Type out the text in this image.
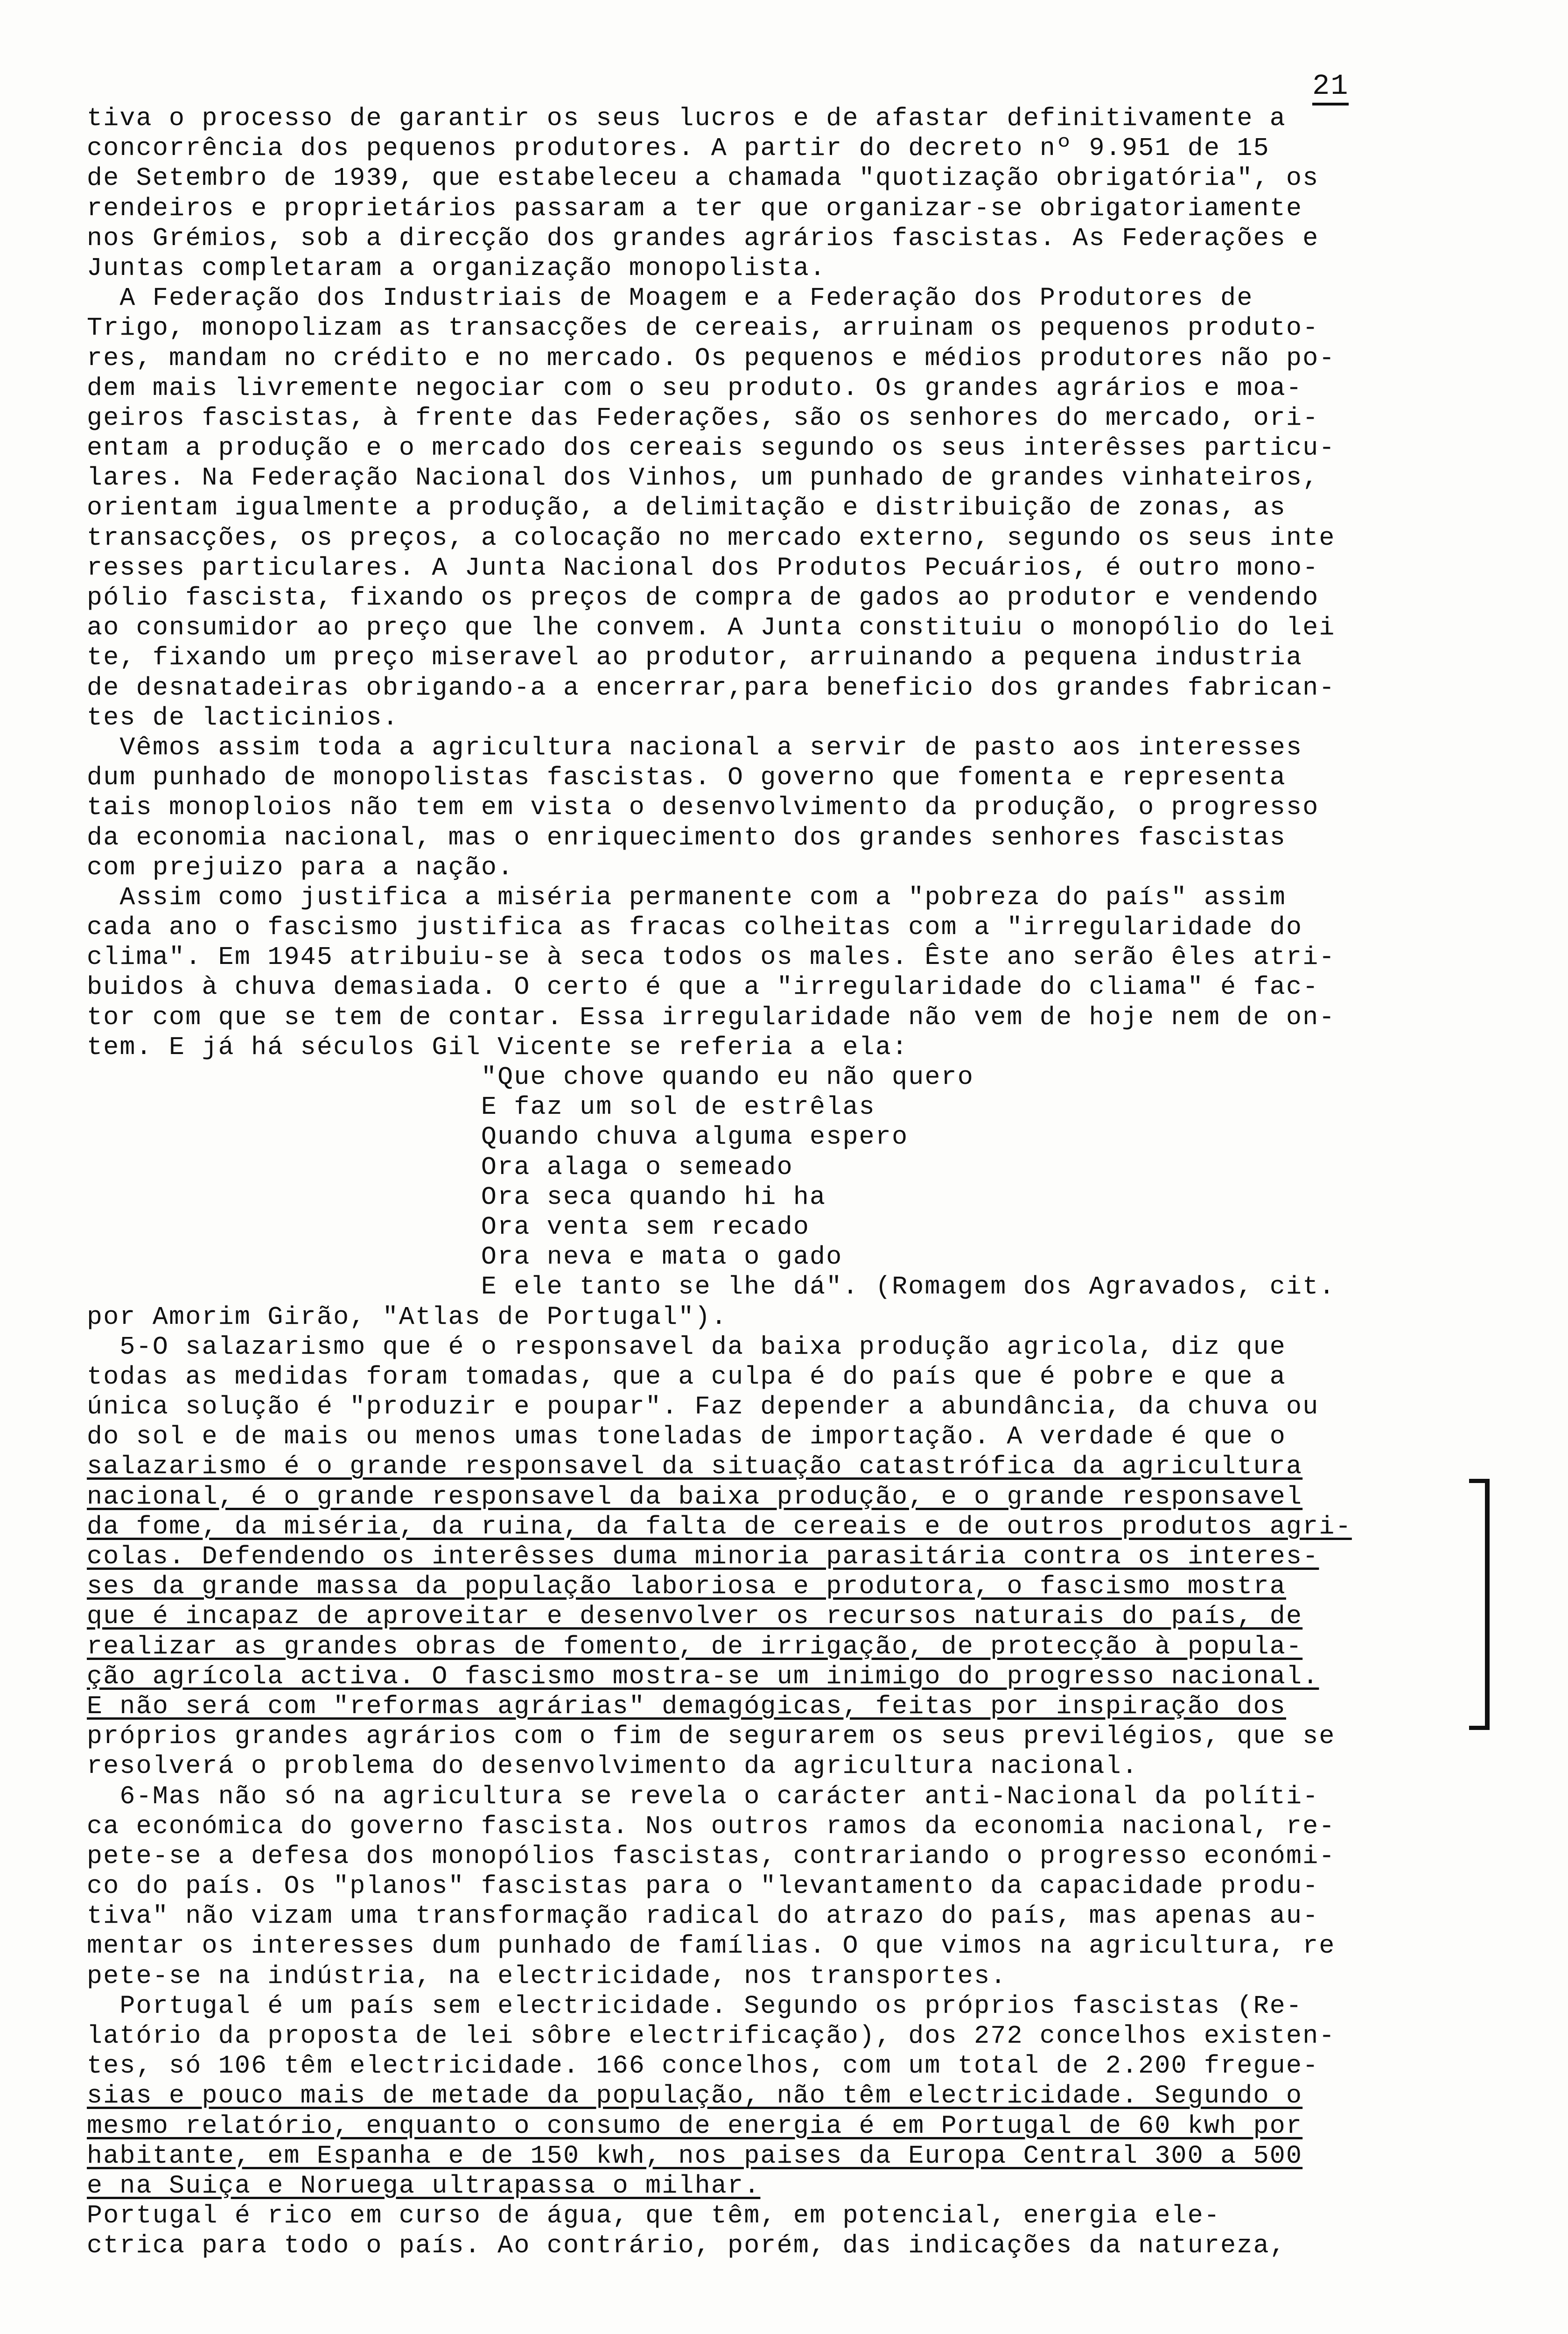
21
tiva o processo de garantir os seus lucros e de afastar definitivamente a
concorrência dos pequenos produtores. A partir do decreto nº 9.951 de 15
de Setembro de 1939, que estabeleceu a chamada "quotização obrigatória", os
rendeiros e proprietários passaram a ter que organizar-se obrigatoriamente
nos Grémios, sob a direcção dos grandes agrários fascistas. As Federações e
Juntas completaram a organização monopolista.
A Federação dos Industriais de Moagem e a Federação dos Produtores de
Trigo, monopolizam as transacções de cereais, arruinam os pequenos produto-
res, mandam no crédito e no mercado. Os pequenos e médios produtores não po-
dem mais livremente negociar com o seu produto. Os grandes agrários e moa-
geiros fascistas, à frente das Federações, são os senhores do mercado, ori-
entam a produção e o mercado dos cereais segundo os seus interêsses particu-
lares. Na Federação Nacional dos Vinhos, um punhado de grandes vinhateiros,
orientam igualmente a produção, a delimitação e distribuição de zonas, as
transacções, os preços, a colocação no mercado externo, segundo os seus inte
resses particulares. A Junta Nacional dos Produtos Pecuários, é outro mono-
pólio fascista, fixando os preços de compra de gados ao produtor e vendendo
ao consumidor ao preço que lhe convem. A Junta constituiu o monopólio do lei
te, fixando um preço miseravel ao produtor, arruinando a pequena industria
de desnatadeiras obrigando-a a encerrar,para beneficio dos grandes fabrican-
tes de lacticinios.
Vêmos assim toda a agricultura nacional a servir de pasto aos interesses
dum punhado de monopolistas fascistas. O governo que fomenta e representa
tais monoploios não tem em vista o desenvolvimento da produção, o progresso
da economia nacional, mas o enriquecimento dos grandes senhores fascistas
com prejuizo para a nação.
Assim como justifica a miséria permanente com a "pobreza do país" assim
cada ano o fascismo justifica as fracas colheitas com a "irregularidade do
clima". Em 1945 atribuiu-se à seca todos os males. Êste ano serão êles atri-
buidos à chuva demasiada. O certo é que a "irregularidade do cliama" é fac-
tor com que se tem de contar. Essa irregularidade não vem de hoje nem de on-
tem. E já há séculos Gil Vicente se referia a ela:
"Que chove quando eu não quero
E faz um sol de estrêlas
Quando chuva alguma espero
Ora alaga o semeado
Ora seca quando hi ha
Ora venta sem recado
Ora neva e mata o gado
E ele tanto se lhe dá". (Romagem dos Agravados, cit.
por Amorim Girão, "Atlas de Portugal").
5-O salazarismo que é o responsavel da baixa produção agricola, diz que
todas as medidas foram tomadas, que a culpa é do país que é pobre e que a
única solução é "produzir e poupar". Faz depender a abundância, da chuva ou
do sol e de mais ou menos umas toneladas de importação. A verdade é que o
salazarismo é o grande responsavel da situação catastrófica da agricultura
nacional, é o grande responsavel da baixa produção, e o grande responsavel
da fome, da miséria, da ruina, da falta de cereais e de outros produtos agri-
colas. Defendendo os interêsses duma minoria parasitária contra os interes-
ses da grande massa da população laboriosa e produtora, o fascismo mostra
que é incapaz de aproveitar e desenvolver os recursos naturais do país, de
realizar as grandes obras de fomento, de irrigação, de protecção à popula-
ção agrícola activa. O fascismo mostra-se um inimigo do progresso nacional.
E não será com "reformas agrárias" demagógicas, feitas por inspiração dos
próprios grandes agrários com o fim de segurarem os seus previlégios, que se
resolverá o problema do desenvolvimento da agricultura nacional.
6-Mas não só na agricultura se revela o carácter anti-Nacional da políti-
ca económica do governo fascista. Nos outros ramos da economia nacional, re-
pete-se a defesa dos monopólios fascistas, contrariando o progresso económi-
co do país. Os "planos" fascistas para o "levantamento da capacidade produ-
tiva" não vizam uma transformação radical do atrazo do país, mas apenas au-
mentar os interesses dum punhado de famílias. O que vimos na agricultura, re
pete-se na indústria, na electricidade, nos transportes.
Portugal é um país sem electricidade. Segundo os próprios fascistas (Re-
latório da proposta de lei sôbre electrificação), dos 272 concelhos existen-
tes, só 106 têm electricidade. 166 concelhos, com um total de 2.200 fregue-
sias e pouco mais de metade da população, não têm electricidade. Segundo o
mesmo relatório, enquanto o consumo de energia é em Portugal de 60 kwh por
habitante, em Espanha e de 150 kwh, nos paises da Europa Central 300 a 500
e na Suiça e Noruega ultrapassa o milhar.
Portugal é rico em curso de água, que têm, em potencial, energia ele-
ctrica para todo o país. Ao contrário, porém, das indicações da natureza,
